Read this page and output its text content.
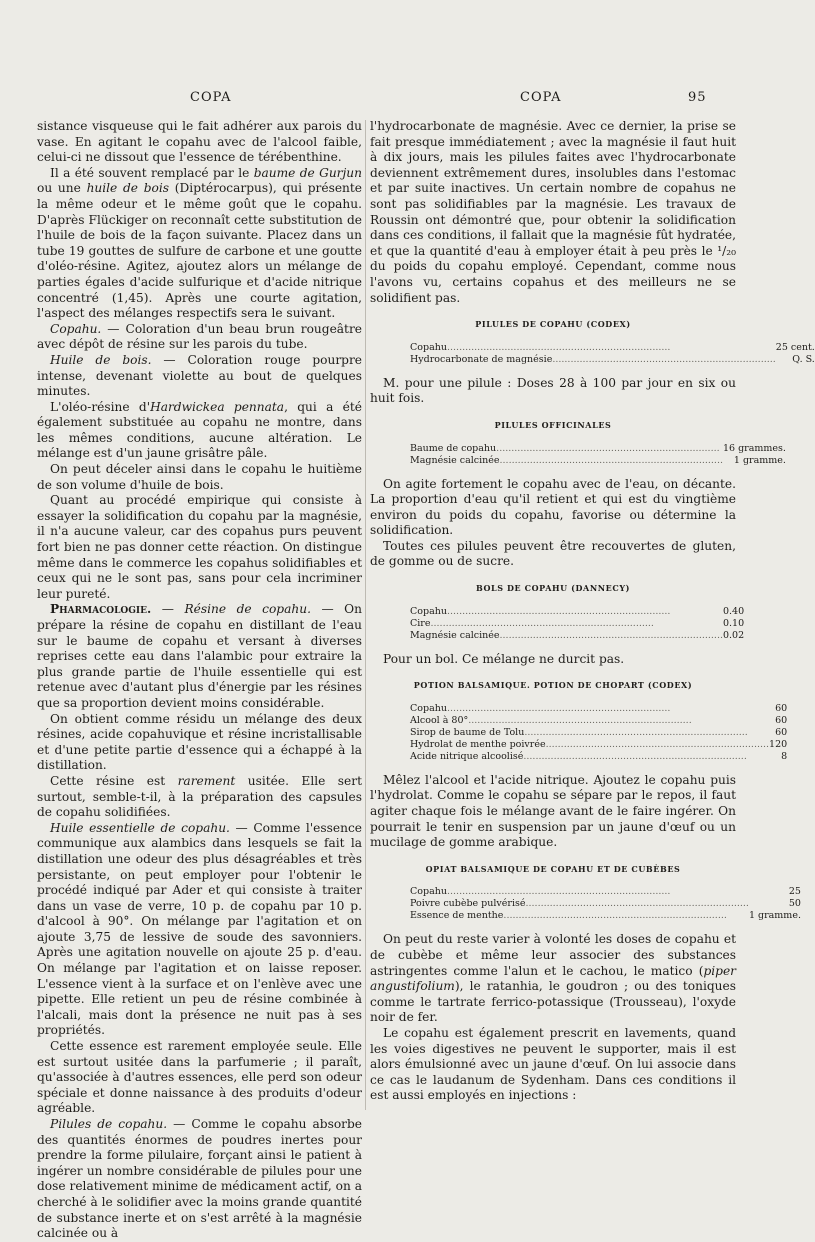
COPA	COPA	95

sistance visqueuse qui le fait adhérer aux parois du vase. En agitant le copahu avec de l'alcool faible, celui-ci ne dissout que l'essence de térébenthine.

Il a été souvent remplacé par le baume de Gurjun ou une huile de bois (Diptérocarpus), qui présente la même odeur et le même goût que le copahu. D'après Flückiger on reconnaît cette substitution de l'huile de bois de la façon suivante. Placez dans un tube 19 gouttes de sulfure de carbone et une goutte d'oléo-résine. Agitez, ajoutez alors un mélange de parties égales d'acide sulfurique et d'acide nitrique concentré (1,45). Après une courte agitation, l'aspect des mélanges respectifs sera le suivant.

Copahu. — Coloration d'un beau brun rougeâtre avec dépôt de résine sur les parois du tube.

Huile de bois. — Coloration rouge pourpre intense, devenant violette au bout de quelques minutes.

L'oléo-résine d'Hardwickea pennata, qui a été également substituée au copahu ne montre, dans les mêmes conditions, aucune altération. Le mélange est d'un jaune grisâtre pâle.

On peut déceler ainsi dans le copahu le huitième de son volume d'huile de bois.

Quant au procédé empirique qui consiste à essayer la solidification du copahu par la magnésie, il n'a aucune valeur, car des copahus purs peuvent fort bien ne pas donner cette réaction. On distingue même dans le commerce les copahus solidifiables et ceux qui ne le sont pas, sans pour cela incriminer leur pureté.

Pharmacologie. — Résine de copahu. — On prépare la résine de copahu en distillant de l'eau sur le baume de copahu et versant à diverses reprises cette eau dans l'alambic pour extraire la plus grande partie de l'huile essentielle qui est retenue avec d'autant plus d'énergie par les résines que sa proportion devient moins considérable.

On obtient comme résidu un mélange des deux résines, acide copahuvique et résine incristallisable et d'une petite partie d'essence qui a échappé à la distillation.

Cette résine est rarement usitée. Elle sert surtout, semble-t-il, à la préparation des capsules de copahu solidifiées.

Huile essentielle de copahu. — Comme l'essence communique aux alambics dans lesquels se fait la distillation une odeur des plus désagréables et très persistante, on peut employer pour l'obtenir le procédé indiqué par Ader et qui consiste à traiter dans un vase de verre, 10 p. de copahu par 10 p. d'alcool à 90°. On mélange par l'agitation et on ajoute 3,75 de lessive de soude des savonniers. Après une agitation nouvelle on ajoute 25 p. d'eau. On mélange par l'agitation et on laisse reposer. L'essence vient à la surface et on l'enlève avec une pipette. Elle retient un peu de résine combinée à l'alcali, mais dont la présence ne nuit pas à ses propriétés.

Cette essence est rarement employée seule. Elle est surtout usitée dans la parfumerie ; il paraît, qu'associée à d'autres essences, elle perd son odeur spéciale et donne naissance à des produits d'odeur agréable.

Pilules de copahu. — Comme le copahu absorbe des quantités énormes de poudres inertes pour prendre la forme pilulaire, forçant ainsi le patient à ingérer un nombre considérable de pilules pour une dose relativement minime de médicament actif, on a cherché à le solidifier avec la moins grande quantité de substance inerte et on s'est arrêté à la magnésie calcinée ou à

l'hydrocarbonate de magnésie. Avec ce dernier, la prise se fait presque immédiatement ; avec la magnésie il faut huit à dix jours, mais les pilules faites avec l'hydrocarbonate deviennent extrêmement dures, insolubles dans l'estomac et par suite inactives. Un certain nombre de copahus ne sont pas solidifiables par la magnésie. Les travaux de Roussin ont démontré que, pour obtenir la solidification dans ces conditions, il fallait que la magnésie fût hydratée, et que la quantité d'eau à employer était à peu près le ¹/₂₀ du poids du copahu employé. Cependant, comme nous l'avons vu, certains copahus et des meilleurs ne se solidifient pas.

PILULES DE COPAHU (CODEX)
Copahu..........................................................................	25 cent.
Hydrocarbonate de magnésie..........................................................................	Q. S.

M. pour une pilule : Doses 28 à 100 par jour en six ou huit fois.

PILULES OFFICINALES
Baume de copahu..........................................................................	16 grammes.
Magnésie calcinée..........................................................................	1 gramme.

On agite fortement le copahu avec de l'eau, on décante. La proportion d'eau qu'il retient et qui est du vingtième environ du poids du copahu, favorise ou détermine la solidification.

Toutes ces pilules peuvent être recouvertes de gluten, de gomme ou de sucre.

BOLS DE COPAHU (DANNECY)
Copahu..........................................................................	0.40
Cire..........................................................................	0.10
Magnésie calcinée..........................................................................	0.02

Pour un bol. Ce mélange ne durcit pas.

POTION BALSAMIQUE. POTION DE CHOPART (CODEX)
Copahu..........................................................................	60
Alcool à 80°..........................................................................	60
Sirop de baume de Tolu..........................................................................	60
Hydrolat de menthe poivrée..........................................................................	120
Acide nitrique alcoolisé..........................................................................	8

Mêlez l'alcool et l'acide nitrique. Ajoutez le copahu puis l'hydrolat. Comme le copahu se sépare par le repos, il faut agiter chaque fois le mélange avant de le faire ingérer. On pourrait le tenir en suspension par un jaune d'œuf ou un mucilage de gomme arabique.

OPIAT BALSAMIQUE DE COPAHU ET DE CUBÈBES
Copahu..........................................................................	25
Poivre cubèbe pulvérisé..........................................................................	50
Essence de menthe..........................................................................	1 gramme.

On peut du reste varier à volonté les doses de copahu et de cubèbe et même leur associer des substances astringentes comme l'alun et le cachou, le matico (piper angustifolium), le ratanhia, le goudron ; ou des toniques comme le tartrate ferrico-potassique (Trousseau), l'oxyde noir de fer.

Le copahu est également prescrit en lavements, quand les voies digestives ne peuvent le supporter, mais il est alors émulsionné avec un jaune d'œuf. On lui associe dans ce cas le laudanum de Sydenham. Dans ces conditions il est aussi employés en injections :
